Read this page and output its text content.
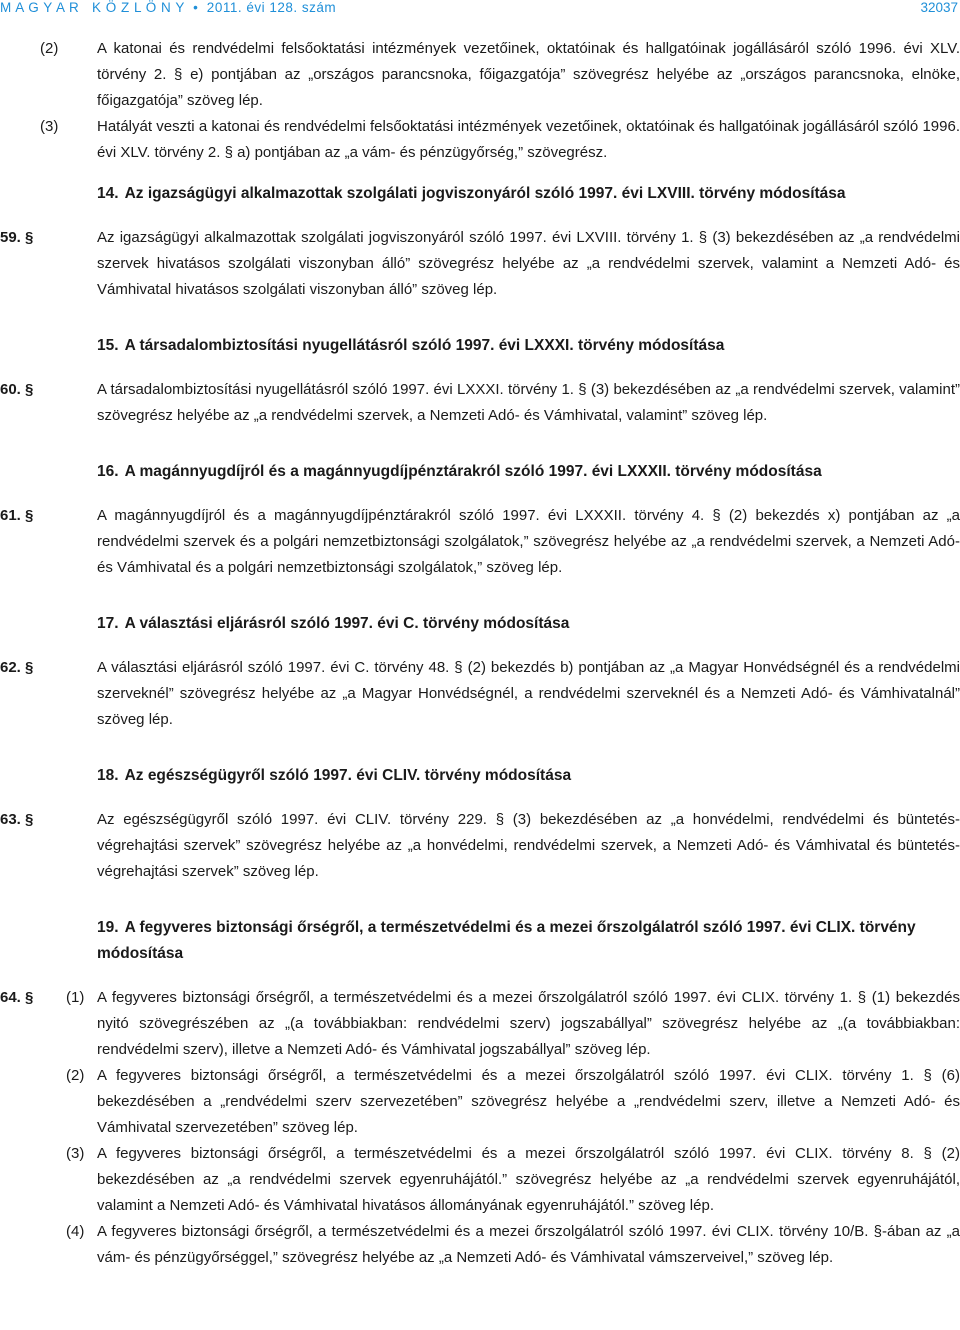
M A G Y A R   K Ö Z L Ö N Y  •  2011. évi 128. szám	32037
(2)	A katonai és rendvédelmi felsőoktatási intézmények vezetőinek, oktatóinak és hallgatóinak jogállásáról szóló 1996. évi XLV. törvény 2. § e) pontjában az „országos parancsnoka, főigazgatója” szövegrész helyébe az „országos parancsnoka, elnöke, főigazgatója” szöveg lép.
(3)	Hatályát veszti a katonai és rendvédelmi felsőoktatási intézmények vezetőinek, oktatóinak és hallgatóinak jogállásáról szóló 1996. évi XLV. törvény 2. § a) pontjában az „a vám- és pénzügyőrség,” szövegrész.
14. Az igazságügyi alkalmazottak szolgálati jogviszonyáról szóló 1997. évi LXVIII. törvény módosítása
59. §	Az igazságügyi alkalmazottak szolgálati jogviszonyáról szóló 1997. évi LXVIII. törvény 1. § (3) bekezdésében az „a rendvédelmi szervek hivatásos szolgálati viszonyban álló” szövegrész helyébe az „a rendvédelmi szervek, valamint a Nemzeti Adó- és Vámhivatal hivatásos szolgálati viszonyban álló” szöveg lép.
15. A társadalombiztosítási nyugellátásról szóló 1997. évi LXXXI. törvény módosítása
60. §	A társadalombiztosítási nyugellátásról szóló 1997. évi LXXXI. törvény 1. § (3) bekezdésében az „a rendvédelmi szervek, valamint” szövegrész helyébe az „a rendvédelmi szervek, a Nemzeti Adó- és Vámhivatal, valamint” szöveg lép.
16. A magánnyugdíjról és a magánnyugdíjpénztárakról szóló 1997. évi LXXXII. törvény módosítása
61. §	A magánnyugdíjról és a magánnyugdíjpénztárakról szóló 1997. évi LXXXII. törvény 4. § (2) bekezdés x) pontjában az „a rendvédelmi szervek és a polgári nemzetbiztonsági szolgálatok,” szövegrész helyébe az „a rendvédelmi szervek, a Nemzeti Adó- és Vámhivatal és a polgári nemzetbiztonsági szolgálatok,” szöveg lép.
17. A választási eljárásról szóló 1997. évi C. törvény módosítása
62. §	A választási eljárásról szóló 1997. évi C. törvény 48. § (2) bekezdés b) pontjában az „a Magyar Honvédségnél és a rendvédelmi szerveknél” szövegrész helyébe az „a Magyar Honvédségnél, a rendvédelmi szerveknél és a Nemzeti Adó- és Vámhivatalnál” szöveg lép.
18. Az egészségügyről szóló 1997. évi CLIV. törvény módosítása
63. §	Az egészségügyről szóló 1997. évi CLIV. törvény 229. § (3) bekezdésében az „a honvédelmi, rendvédelmi és büntetés-végrehajtási szervek” szövegrész helyébe az „a honvédelmi, rendvédelmi szervek, a Nemzeti Adó- és Vámhivatal és büntetés-végrehajtási szervek” szöveg lép.
19. A fegyveres biztonsági őrségről, a természetvédelmi és a mezei őrszolgálatról szóló 1997. évi CLIX. törvény módosítása
64. § (1) A fegyveres biztonsági őrségről, a természetvédelmi és a mezei őrszolgálatról szóló 1997. évi CLIX. törvény 1. § (1) bekezdés nyitó szövegrészében az „(a továbbiakban: rendvédelmi szerv) jogszabállyal” szövegrész helyébe az „(a továbbiakban: rendvédelmi szerv), illetve a Nemzeti Adó- és Vámhivatal jogszabállyal” szöveg lép.
(2) A fegyveres biztonsági őrségről, a természetvédelmi és a mezei őrszolgálatról szóló 1997. évi CLIX. törvény 1. § (6) bekezdésében a „rendvédelmi szerv szervezetében” szövegrész helyébe a „rendvédelmi szerv, illetve a Nemzeti Adó- és Vámhivatal szervezetében” szöveg lép.
(3) A fegyveres biztonsági őrségről, a természetvédelmi és a mezei őrszolgálatról szóló 1997. évi CLIX. törvény 8. § (2) bekezdésében az „a rendvédelmi szervek egyenruhájától.” szövegrész helyébe az „a rendvédelmi szervek egyenruhájától, valamint a Nemzeti Adó- és Vámhivatal hivatásos állományának egyenruhájától.” szöveg lép.
(4) A fegyveres biztonsági őrségről, a természetvédelmi és a mezei őrszolgálatról szóló 1997. évi CLIX. törvény 10/B. §-ában az „a vám- és pénzügyőrséggel,” szövegrész helyébe az „a Nemzeti Adó- és Vámhivatal vámszerveivel,” szöveg lép.
